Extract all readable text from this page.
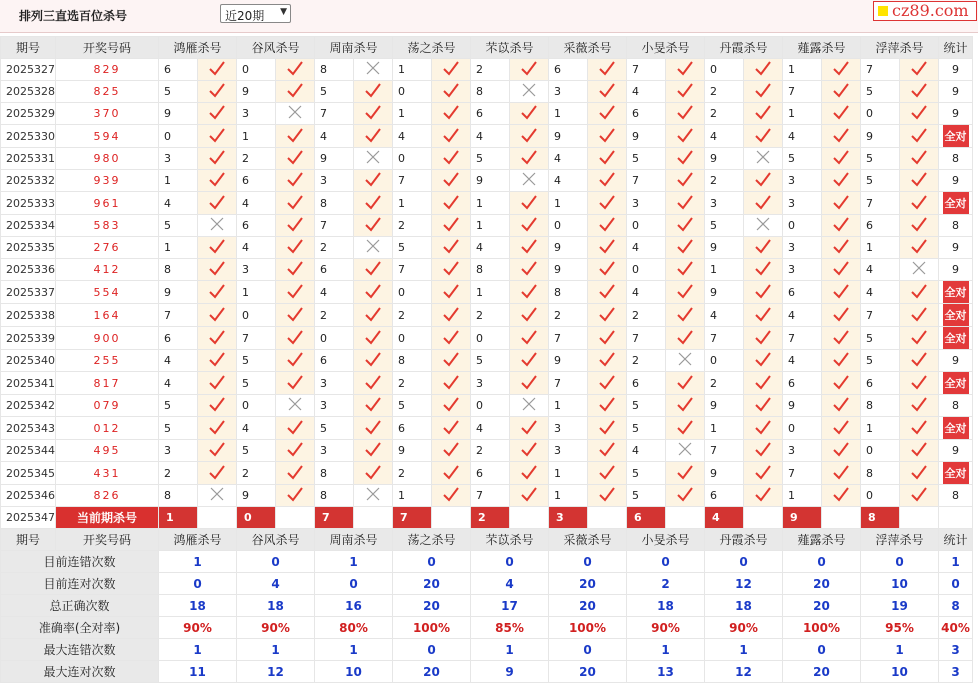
排列三直选百位杀号	近20期 ▼	cz89.com
期号	开奖号码	鸿雁杀号		谷风杀号		周南杀号		荡之杀号		芣苡杀号		采薇杀号		小旻杀号		丹霞杀号		薤露杀号		浮萍杀号		统计
2025327	829	6		0		8		1		2		6		7		0		1		7		9
2025328	825	5		9		5		0		8		3		4		2		7		5		9
2025329	370	9		3		7		1		6		1		6		2		1		0		9
2025330	594	0		1		4		4		4		9		9		4		4		9		全对
2025331	980	3		2		9		0		5		4		5		9		5		5		8
2025332	939	1		6		3		7		9		4		7		2		3		5		9
2025333	961	4		4		8		1		1		1		3		3		3		7		全对
2025334	583	5		6		7		2		1		0		0		5		0		6		8
2025335	276	1		4		2		5		4		9		4		9		3		1		9
2025336	412	8		3		6		7		8		9		0		1		3		4		9
2025337	554	9		1		4		0		1		8		4		9		6		4		全对
2025338	164	7		0		2		2		2		2		2		4		4		7		全对
2025339	900	6		7		0		0		0		7		7		7		7		5		全对
2025340	255	4		5		6		8		5		9		2		0		4		5		9
2025341	817	4		5		3		2		3		7		6		2		6		6		全对
2025342	079	5		0		3		5		0		1		5		9		9		8		8
2025343	012	5		4		5		6		4		3		5		1		0		1		全对
2025344	495	3		5		3		9		2		3		4		7		3		0		9
2025345	431	2		2		8		2		6		1		5		9		7		8		全对
2025346	826	8		9		8		1		7		1		5		6		1		0		8
2025347	当前期杀号	1		0		7		7		2		3		6		4		9		8		
期号	开奖号码	鸿雁杀号		谷风杀号		周南杀号		荡之杀号		芣苡杀号		采薇杀号		小旻杀号		丹霞杀号		薤露杀号		浮萍杀号		统计
目前连错次数		1		0		1		0		0		0		0		0		0		0		1
目前连对次数		0		4		0		20		4		20		2		12		20		10		0
总正确次数		18		18		16		20		17		20		18		18		20		19		8
准确率(全对率)		90%		90%		80%		100%		85%		100%		90%		90%		100%		95%		40%
最大连错次数		1		1		1		0		1		0		1		1		0		1		3
最大连对次数		11		12		10		20		9		20		13		12		20		10		3
